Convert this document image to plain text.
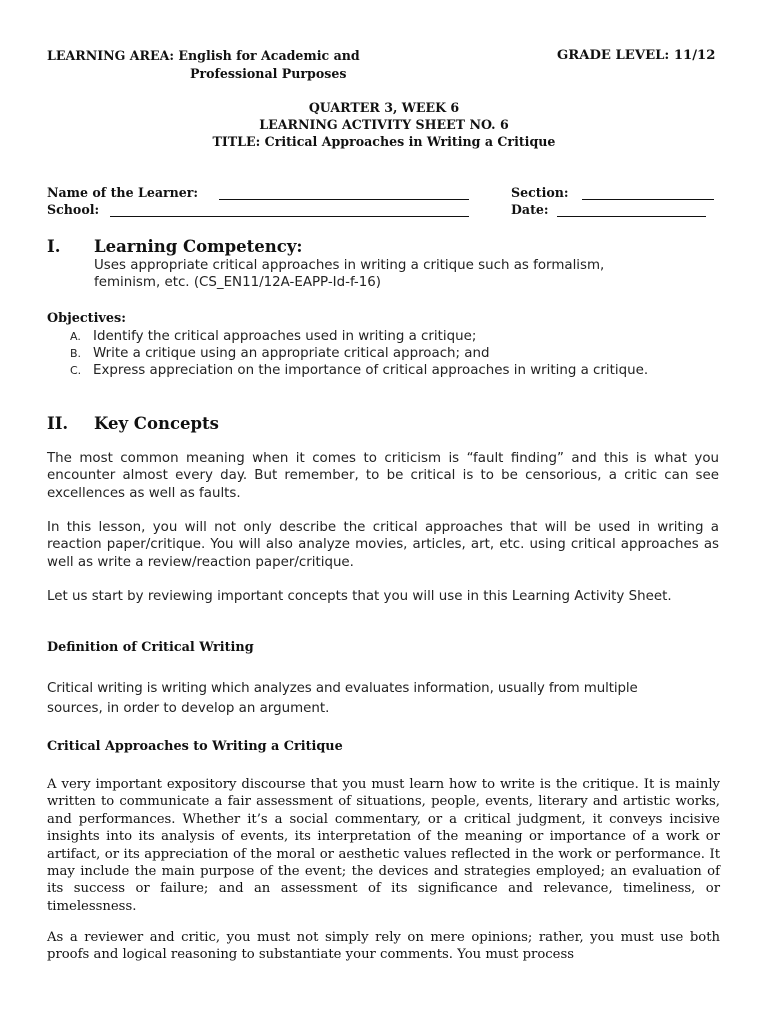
LEARNING AREA: English for Academic and
Professional Purposes
GRADE LEVEL: 11/12
QUARTER 3, WEEK 6
LEARNING ACTIVITY SHEET NO. 6
TITLE: Critical Approaches in Writing a Critique
Name of the Learner:	Section:
School:	Date:
I. Learning Competency:
Uses appropriate critical approaches in writing a critique such as formalism,
feminism, etc. (CS_EN11/12A-EAPP-Id-f-16)
Objectives:
A. Identify the critical approaches used in writing a critique;
B. Write a critique using an appropriate critical approach; and
C. Express appreciation on the importance of critical approaches in writing a critique.
II. Key Concepts
The most common meaning when it comes to criticism is “fault finding” and this is what you encounter almost every day. But remember, to be critical is to be censorious, a critic can see excellences as well as faults.
In this lesson, you will not only describe the critical approaches that will be used in writing a reaction paper/critique. You will also analyze movies, articles, art, etc. using critical approaches as well as write a review/reaction paper/critique.
Let us start by reviewing important concepts that you will use in this Learning Activity Sheet.
Definition of Critical Writing
Critical writing is writing which analyzes and evaluates information, usually from multiple
sources, in order to develop an argument.
Critical Approaches to Writing a Critique
A very important expository discourse that you must learn how to write is the critique. It is mainly written to communicate a fair assessment of situations, people, events, literary and artistic works, and performances. Whether it’s a social commentary, or a critical judgment, it conveys incisive insights into its analysis of events, its interpretation of the meaning or importance of a work or artifact, or its appreciation of the moral or aesthetic values reflected in the work or performance. It may include the main purpose of the event; the devices and strategies employed; an evaluation of its success or failure; and an assessment of its significance and relevance, timeliness, or timelessness.
As a reviewer and critic, you must not simply rely on mere opinions; rather, you must use both proofs and logical reasoning to substantiate your comments. You must process
